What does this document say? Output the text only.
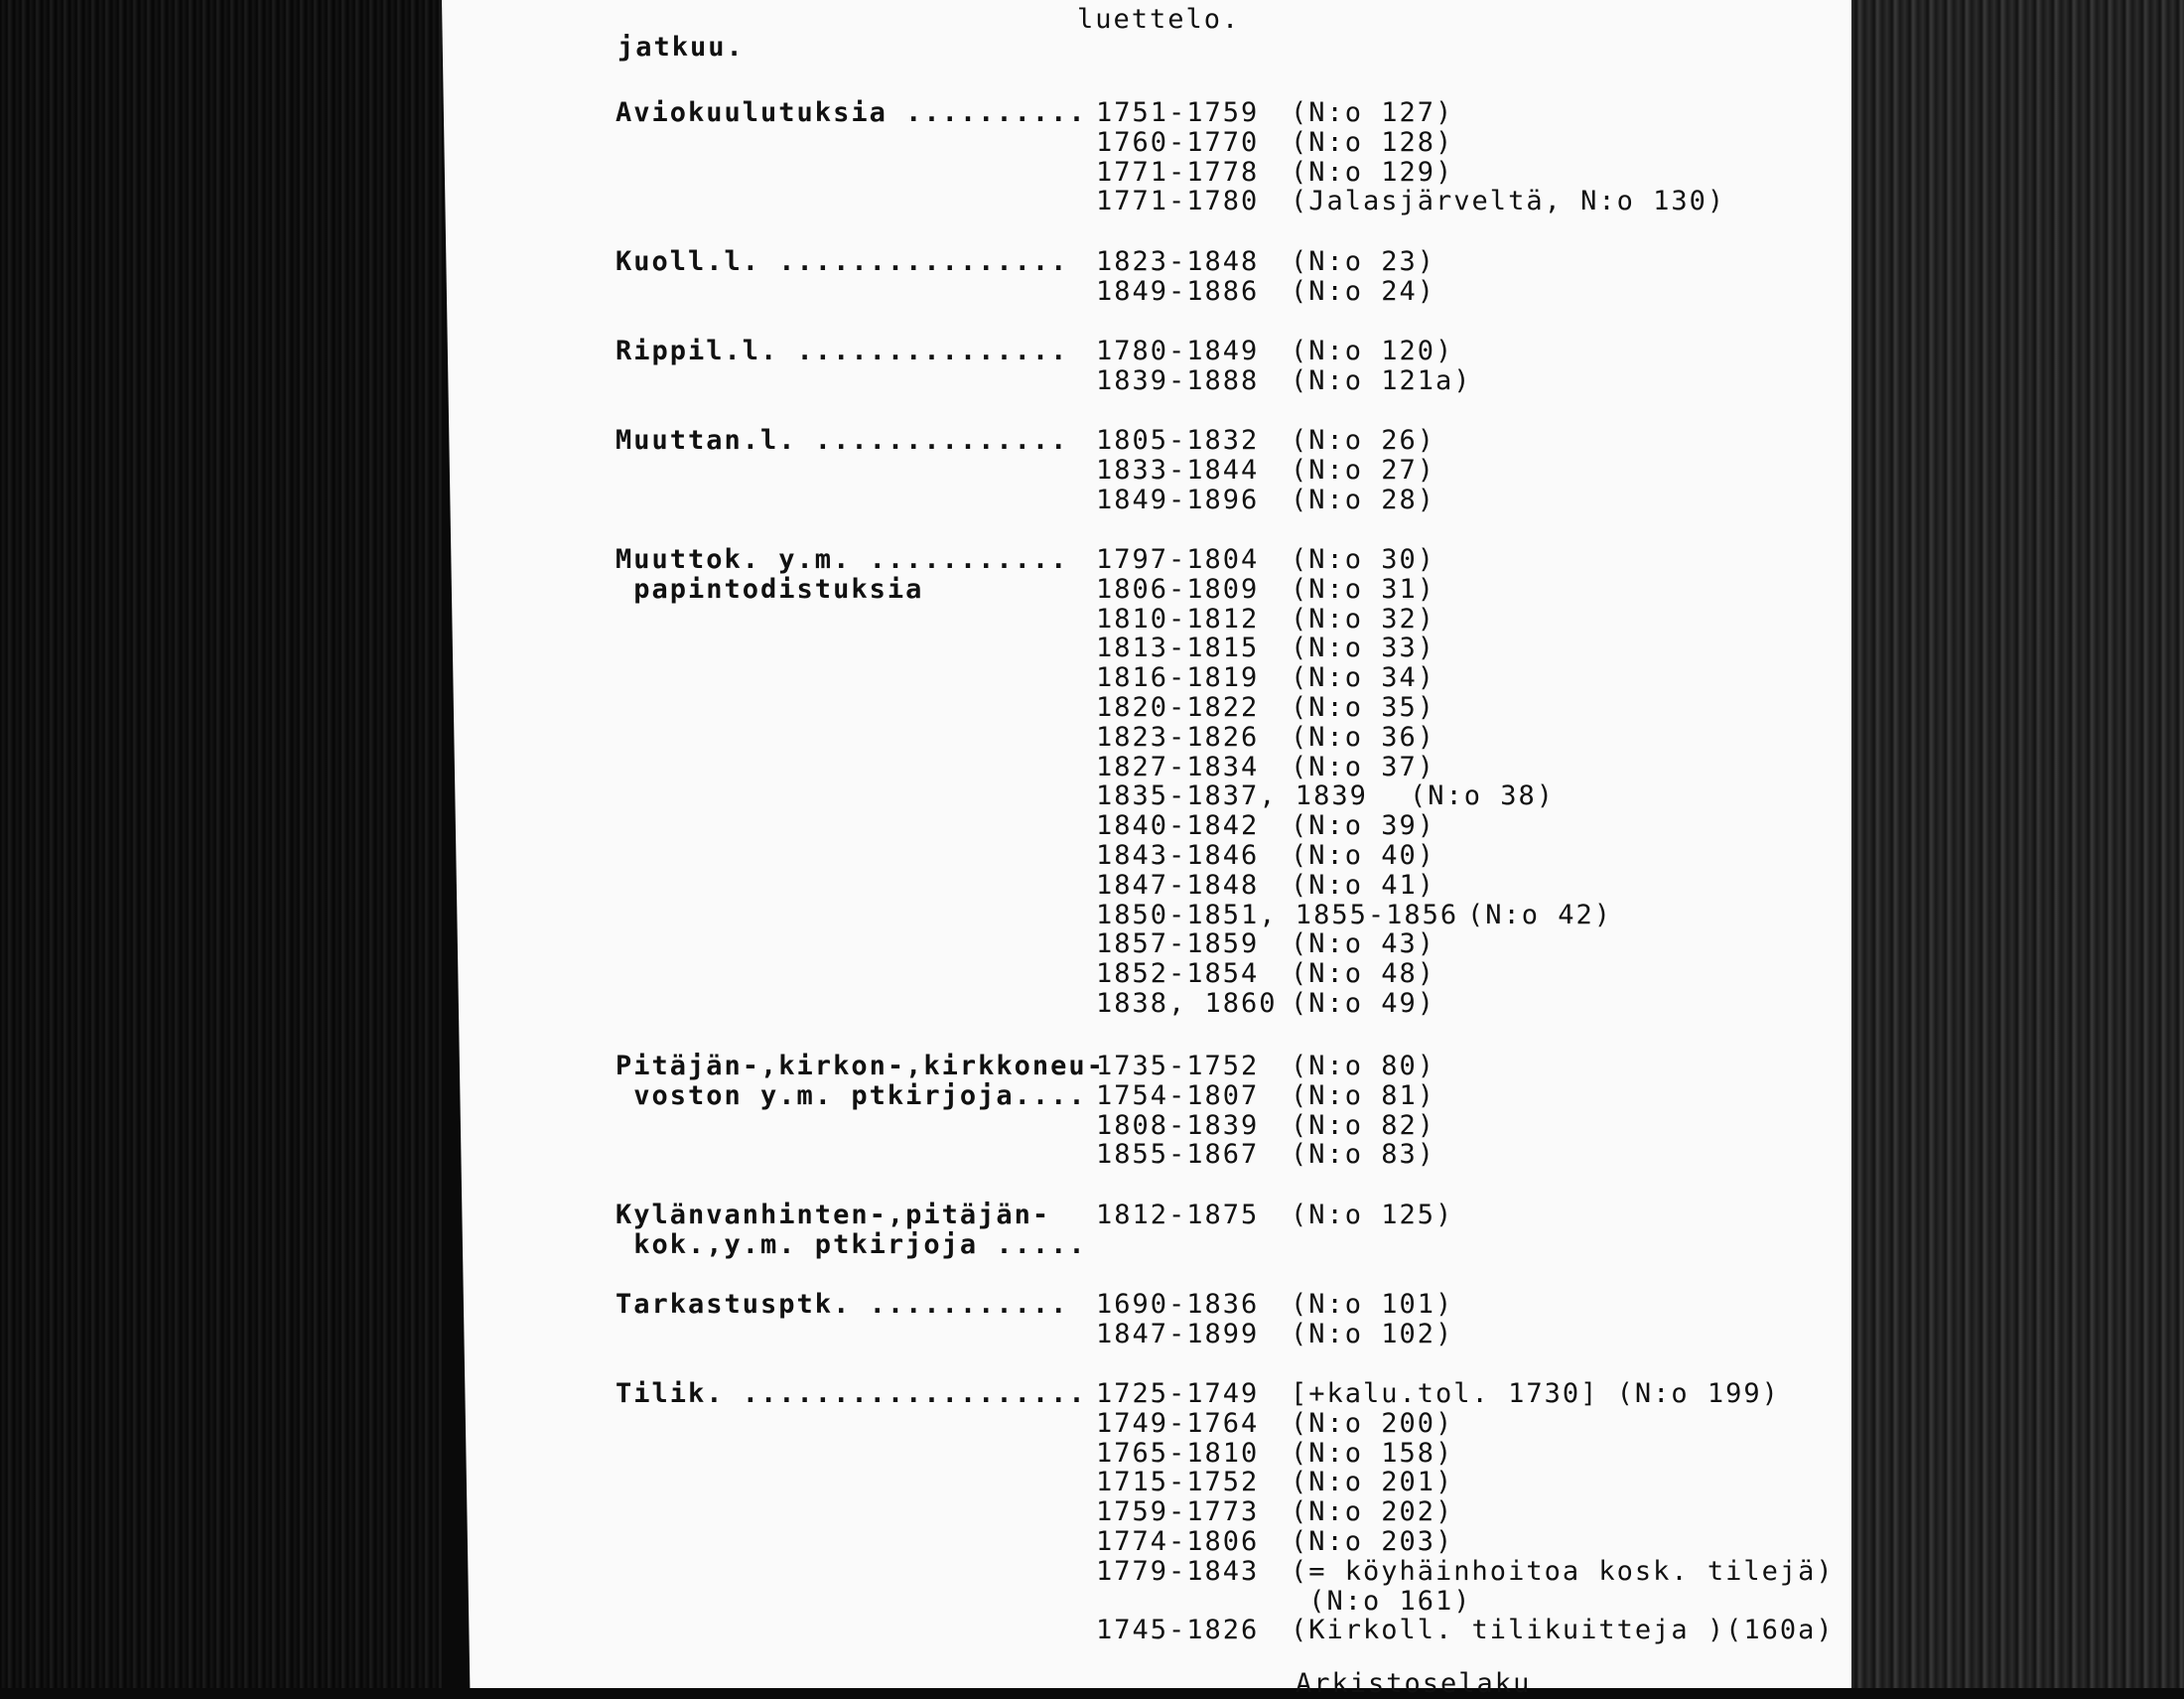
luettelo.
jatkuu.
Aviokuulutuksia .......... 1751-1759 (N:o 127)
1760-1770 (N:o 128)
1771-1778 (N:o 129)
1771-1780 (Jalasjärveltä, N:o 130)
Kuoll.l. ................ 1823-1848 (N:o 23)
1849-1886 (N:o 24)
Rippil.l. ............... 1780-1849 (N:o 120)
1839-1888 (N:o 121a)
Muuttan.l. .............. 1805-1832 (N:o 26)
1833-1844 (N:o 27)
1849-1896 (N:o 28)
Muuttok. y.m. ...........
papintodistuksia
1797-1804 (N:o 30)
1806-1809 (N:o 31)
1810-1812 (N:o 32)
1813-1815 (N:o 33)
1816-1819 (N:o 34)
1820-1822 (N:o 35)
1823-1826 (N:o 36)
1827-1834 (N:o 37)
1835-1837, 1839 (N:o 38)
1840-1842 (N:o 39)
1843-1846 (N:o 40)
1847-1848 (N:o 41)
1850-1851, 1855-1856 (N:o 42)
1857-1859 (N:o 43)
1852-1854 (N:o 48)
1838, 1860 (N:o 49)
Pitäjän-,kirkon-,kirkkoneu-
voston y.m. ptkirjoja....
1735-1752 (N:o 80)
1754-1807 (N:o 81)
1808-1839 (N:o 82)
1855-1867 (N:o 83)
Kylänvanhinten-,pitäjän-
kok.,y.m. ptkirjoja .....
1812-1875 (N:o 125)
Tarkastusptk. ........... 1690-1836 (N:o 101)
1847-1899 (N:o 102)
Tilik. ................... 1725-1749 [+kalu.tol. 1730] (N:o 199)
1749-1764 (N:o 200)
1765-1810 (N:o 158)
1715-1752 (N:o 201)
1759-1773 (N:o 202)
1774-1806 (N:o 203)
1779-1843 (= köyhäinhoitoa kosk. tilejä)
(N:o 161)
1745-1826 (Kirkoll. tilikuitteja )(160a)
Arkistoselaku
